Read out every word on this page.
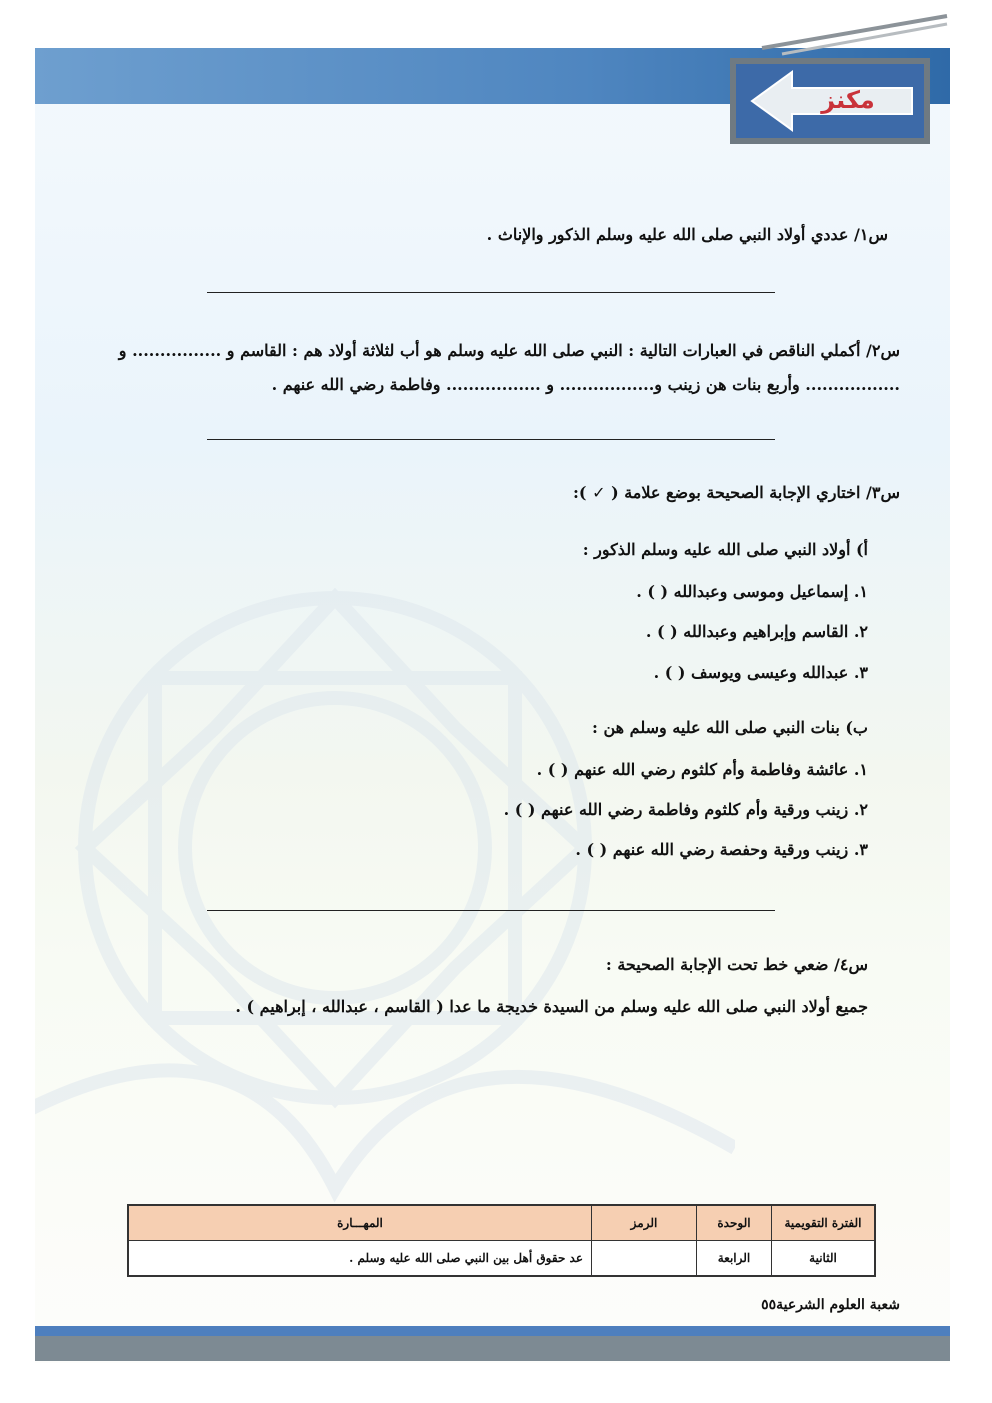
أسئلة لقياس مهارات مادة الحديث والسيرة للصف الرابع/ الفصل الأول
مكنز
س١/ عددي أولاد النبي صلى الله عليه وسلم الذكور والإناث .
س٢/ أكملي الناقص في العبارات التالية : النبي صلى الله عليه وسلم هو أب لثلاثة أولاد هم : القاسم و ................ و
................. وأربع بنات هن زينب و................. و ................. وفاطمة رضي الله عنهم .
س٣/ اختاري الإجابة الصحيحة بوضع علامة ( ✓ ):
أ) أولاد النبي صلى الله عليه وسلم الذكور :
١. إسماعيل وموسى وعبدالله ( ) .
٢. القاسم وإبراهيم وعبدالله ( ) .
٣. عبدالله وعيسى ويوسف ( ) .
ب) بنات النبي صلى الله عليه وسلم هن :
١. عائشة وفاطمة وأم كلثوم رضي الله عنهم ( ) .
٢. زينب ورقية وأم كلثوم وفاطمة رضي الله عنهم ( ) .
٣. زينب ورقية وحفصة رضي الله عنهم ( ) .
س٤/ ضعي خط تحت الإجابة الصحيحة :
جميع أولاد النبي صلى الله عليه وسلم من السيدة خديجة ما عدا ( القاسم ، عبدالله ، إبراهيم ) .
الفترة التقويمية	الوحدة	الرمز	المهـــارة
الثانية	الرابعة		عد حقوق أهل بين النبي صلى الله عليه وسلم .
شعبة العلوم الشرعية٥٥
